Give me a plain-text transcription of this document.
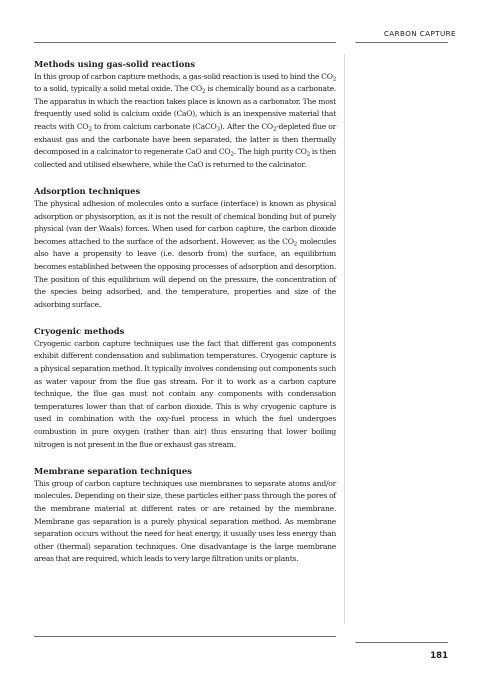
CARBON CAPTURE
Methods using gas-solid reactions

In this group of carbon capture methods, a gas-solid reaction is used to bind the $CO_2$ to a solid, typically a solid metal oxide. The $CO_2$ is chemically bound as a carbonate. The apparatus in which the reaction takes place is known as a carbonator. The most frequently used solid is calcium oxide (CaO), which is an inexpensive material that reacts with $CO_2$ to from calcium carbonate (CaCO$_3$). After the $CO_2$-depleted flue or exhaust gas and the carbonate have been separated, the latter is then thermally decomposed in a calcinator to regenerate CaO and $CO_2$. The high purity $CO_2$ is then collected and utilised elsewhere, while the CaO is returned to the calcinator.

Adsorption techniques

The physical adhesion of molecules onto a surface (interface) is known as physical adsorption or physisorption, as it is not the result of chemical bonding but of purely physical (van der Waals) forces. When used for carbon capture, the carbon dioxide becomes attached to the surface of the adsorbent. However, as the $CO_2$ molecules also have a propensity to leave (i.e. desorb from) the surface, an equilibrium becomes established between the opposing processes of adsorption and desorption. The position of this equilibrium will depend on the pressure, the concentration of the species being adsorbed, and the temperature, properties and size of the adsorbing surface.

Cryogenic methods

Cryogenic carbon capture techniques use the fact that different gas components exhibit different condensation and sublimation temperatures. Cryogenic capture is a physical separation method. It typically involves condensing out components such as water vapour from the flue gas stream. For it to work as a carbon capture technique, the flue gas must not contain any components with condensation temperatures lower than that of carbon dioxide. This is why cryogenic capture is used in combination with the oxy-fuel process in which the fuel undergoes combustion in pure oxygen (rather than air) thus ensuring that lower boiling nitrogen is not present in the flue or exhaust gas stream.

Membrane separation techniques

This group of carbon capture techniques use membranes to separate atoms and/or molecules. Depending on their size, these particles either pass through the pores of the membrane material at different rates or are retained by the membrane. Membrane gas separation is a purely physical separation method. As membrane separation occurs without the need for heat energy, it usually uses less energy than other (thermal) separation techniques. One disadvantage is the large membrane areas that are required, which leads to very large filtration units or plants.

181
